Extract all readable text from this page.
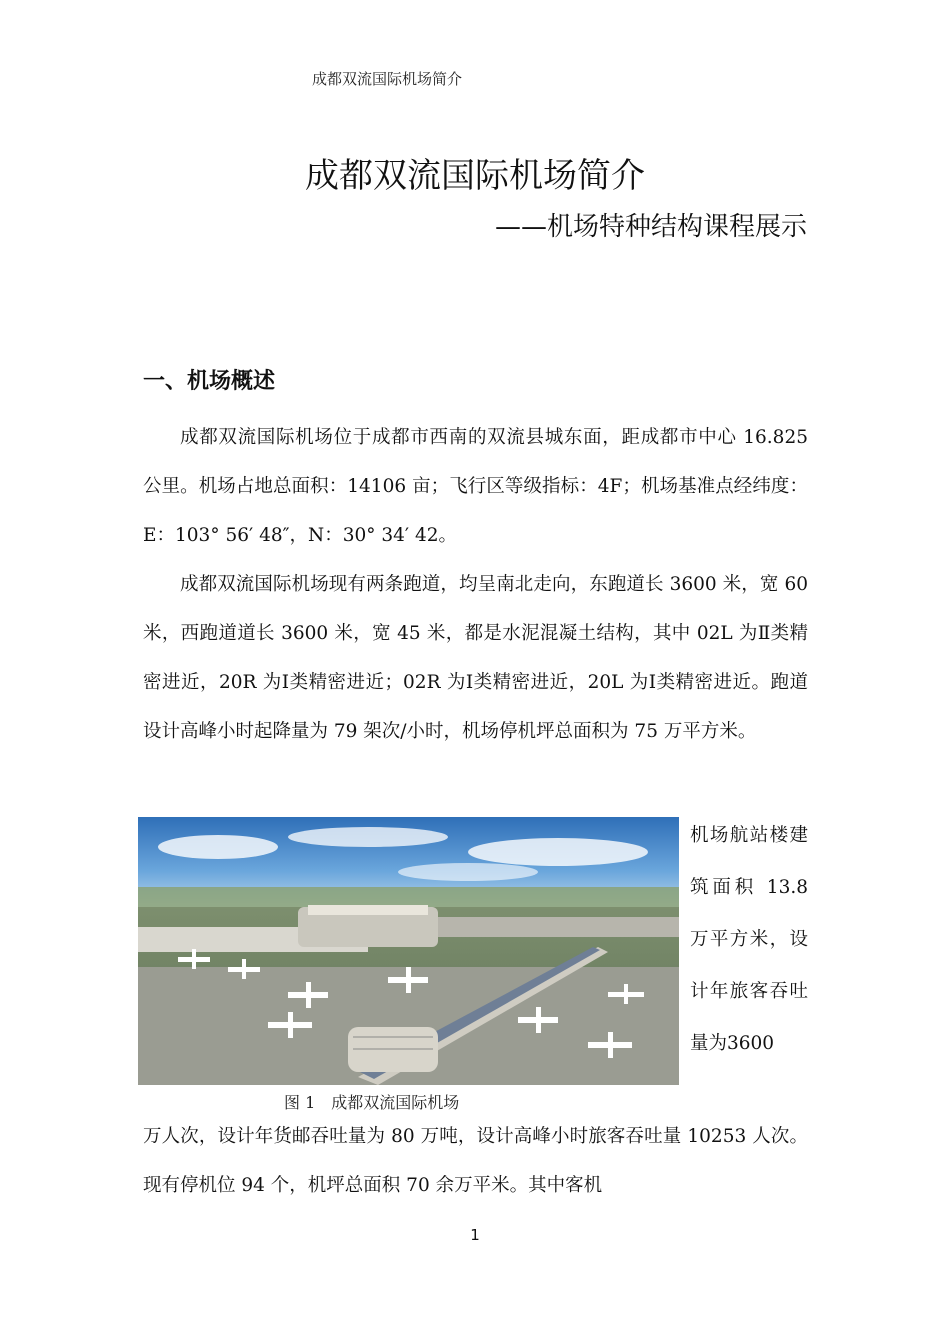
成都双流国际机场简介
成都双流国际机场简介
——机场特种结构课程展示
一、机场概述

成都双流国际机场位于成都市西南的双流县城东面，距成都市中心 16.825 公里。机场占地总面积：14106 亩；飞行区等级指标：4F；机场基准点经纬度：E：103° 56′ 48″，N：30° 34′ 42。

成都双流国际机场现有两条跑道，均呈南北走向，东跑道长 3600 米，宽 60 米，西跑道道长 3600 米，宽 45 米，都是水泥混凝土结构，其中 02L 为Ⅱ类精密进近，20R 为Ⅰ类精密进近；02R 为Ⅰ类精密进近，20L 为Ⅰ类精密进近。跑道设计高峰小时起降量为 79 架次/小时，机场停机坪总面积为 75 万平方米。

图 1　成都双流国际机场

机场航站楼建筑面积 13.8 万平方米，设计年旅客吞吐量为3600

万人次，设计年货邮吞吐量为 80 万吨，设计高峰小时旅客吞吐量 10253 人次。现有停机位 94 个，机坪总面积 70 余万平米。其中客机

1
